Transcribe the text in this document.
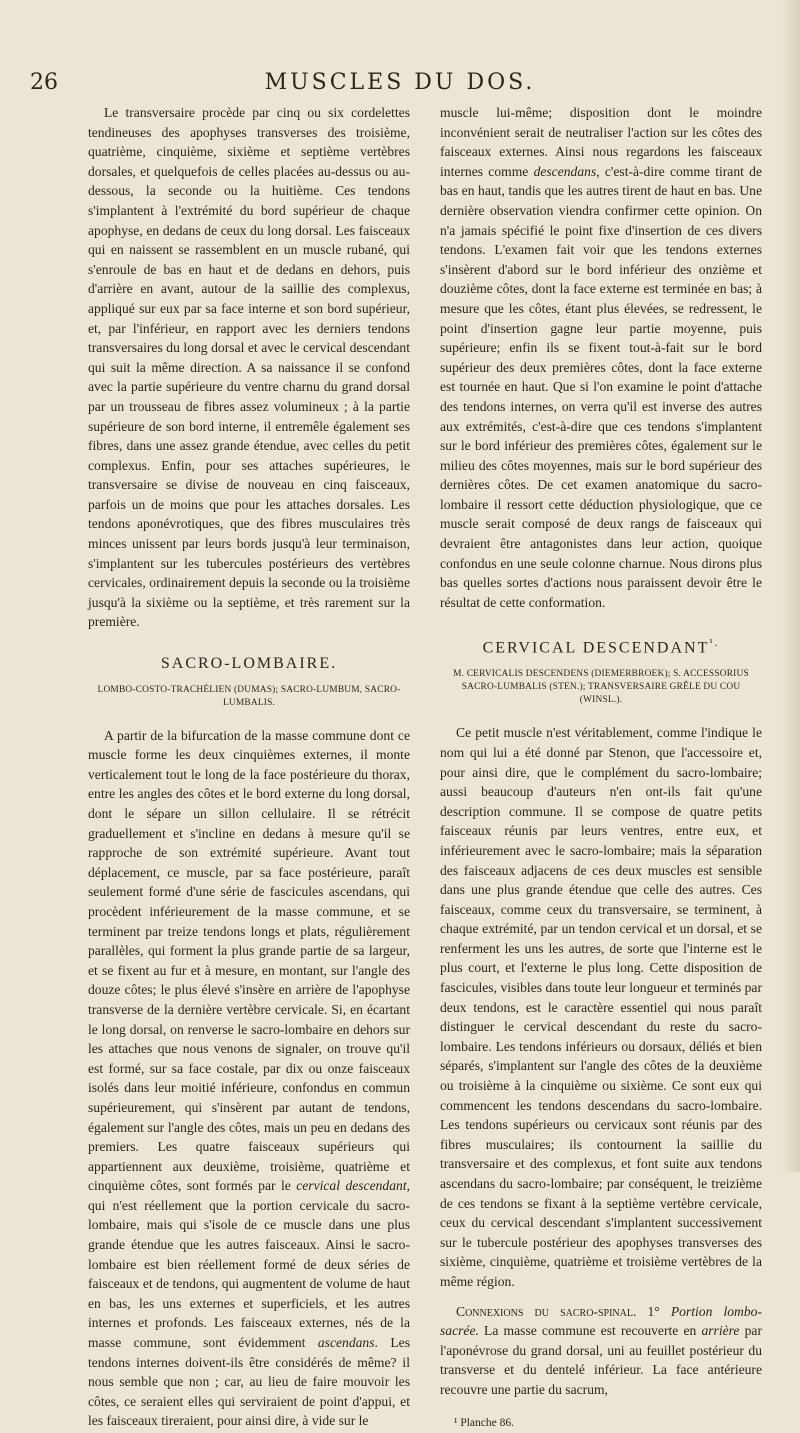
26	MUSCLES DU DOS.

Le transversaire procède par cinq ou six cordelettes tendineuses des apophyses transverses des troisième, quatrième, cinquième, sixième et septième vertèbres dorsales, et quelquefois de celles placées au-dessus ou au-dessous, la seconde ou la huitième. Ces tendons s'implantent à l'extrémité du bord supérieur de chaque apophyse, en dedans de ceux du long dorsal. Les faisceaux qui en naissent se rassemblent en un muscle rubané, qui s'enroule de bas en haut et de dedans en dehors, puis d'arrière en avant, autour de la saillie des complexus, appliqué sur eux par sa face interne et son bord supérieur, et, par l'inférieur, en rapport avec les derniers tendons transversaires du long dorsal et avec le cervical descendant qui suit la même direction. A sa naissance il se confond avec la partie supérieure du ventre charnu du grand dorsal par un trousseau de fibres assez volumineux ; à la partie supérieure de son bord interne, il entremêle également ses fibres, dans une assez grande étendue, avec celles du petit complexus. Enfin, pour ses attaches supérieures, le transversaire se divise de nouveau en cinq faisceaux, parfois un de moins que pour les attaches dorsales. Les tendons aponévrotiques, que des fibres musculaires très minces unissent par leurs bords jusqu'à leur terminaison, s'implantent sur les tubercules postérieurs des vertèbres cervicales, ordinairement depuis la seconde ou la troisième jusqu'à la sixième ou la septième, et très rarement sur la première.

SACRO-LOMBAIRE.

LOMBO-COSTO-TRACHÉLIEN (DUMAS); SACRO-LUMBUM, SACRO-LUMBALIS.

A partir de la bifurcation de la masse commune dont ce muscle forme les deux cinquièmes externes, il monte verticalement tout le long de la face postérieure du thorax, entre les angles des côtes et le bord externe du long dorsal, dont le sépare un sillon cellulaire. Il se rétrécit graduellement et s'incline en dedans à mesure qu'il se rapproche de son extrémité supérieure. Avant tout déplacement, ce muscle, par sa face postérieure, paraît seulement formé d'une série de fascicules ascendans, qui procèdent inférieurement de la masse commune, et se terminent par treize tendons longs et plats, régulièrement parallèles, qui forment la plus grande partie de sa largeur, et se fixent au fur et à mesure, en montant, sur l'angle des douze côtes; le plus élevé s'insère en arrière de l'apophyse transverse de la dernière vertèbre cervicale. Si, en écartant le long dorsal, on renverse le sacro-lombaire en dehors sur les attaches que nous venons de signaler, on trouve qu'il est formé, sur sa face costale, par dix ou onze faisceaux isolés dans leur moitié inférieure, confondus en commun supérieurement, qui s'insèrent par autant de tendons, également sur l'angle des côtes, mais un peu en dedans des premiers. Les quatre faisceaux supérieurs qui appartiennent aux deuxième, troisième, quatrième et cinquième côtes, sont formés par le cervical descendant, qui n'est réellement que la portion cervicale du sacro-lombaire, mais qui s'isole de ce muscle dans une plus grande étendue que les autres faisceaux. Ainsi le sacro-lombaire est bien réellement formé de deux séries de faisceaux et de tendons, qui augmentent de volume de haut en bas, les uns externes et superficiels, et les autres internes et profonds. Les faisceaux externes, nés de la masse commune, sont évidemment ascendans. Les tendons internes doivent-ils être considérés de même? il nous semble que non ; car, au lieu de faire mouvoir les côtes, ce seraient elles qui serviraient de point d'appui, et les faisceaux tireraient, pour ainsi dire, à vide sur le

muscle lui-même; disposition dont le moindre inconvénient serait de neutraliser l'action sur les côtes des faisceaux externes. Ainsi nous regardons les faisceaux internes comme descendans, c'est-à-dire comme tirant de bas en haut, tandis que les autres tirent de haut en bas. Une dernière observation viendra confirmer cette opinion. On n'a jamais spécifié le point fixe d'insertion de ces divers tendons. L'examen fait voir que les tendons externes s'insèrent d'abord sur le bord inférieur des onzième et douzième côtes, dont la face externe est terminée en bas; à mesure que les côtes, étant plus élevées, se redressent, le point d'insertion gagne leur partie moyenne, puis supérieure; enfin ils se fixent tout-à-fait sur le bord supérieur des deux premières côtes, dont la face externe est tournée en haut. Que si l'on examine le point d'attache des tendons internes, on verra qu'il est inverse des autres aux extrémités, c'est-à-dire que ces tendons s'implantent sur le bord inférieur des premières côtes, également sur le milieu des côtes moyennes, mais sur le bord supérieur des dernières côtes. De cet examen anatomique du sacro-lombaire il ressort cette déduction physiologique, que ce muscle serait composé de deux rangs de faisceaux qui devraient être antagonistes dans leur action, quoique confondus en une seule colonne charnue. Nous dirons plus bas quelles sortes d'actions nous paraissent devoir être le résultat de cette conformation.

CERVICAL $DESCENDANT^{^1.}$

M. CERVICALIS DESCENDENS (DIEMERBROEK); S. ACCESSORIUS SACRO-LUMBALIS (STEN.); TRANSVERSAIRE GRÊLE DU COU (WINSL.).

Ce petit muscle n'est véritablement, comme l'indique le nom qui lui a été donné par Stenon, que l'accessoire et, pour ainsi dire, que le complément du sacro-lombaire; aussi beaucoup d'auteurs n'en ont-ils fait qu'une description commune. Il se compose de quatre petits faisceaux réunis par leurs ventres, entre eux, et inférieurement avec le sacro-lombaire; mais la séparation des faisceaux adjacens de ces deux muscles est sensible dans une plus grande étendue que celle des autres. Ces faisceaux, comme ceux du transversaire, se terminent, à chaque extrémité, par un tendon cervical et un dorsal, et se renferment les uns les autres, de sorte que l'interne est le plus court, et l'externe le plus long. Cette disposition de fascicules, visibles dans toute leur longueur et terminés par deux tendons, est le caractère essentiel qui nous paraît distinguer le cervical descendant du reste du sacro-lombaire. Les tendons inférieurs ou dorsaux, déliés et bien séparés, s'implantent sur l'angle des côtes de la deuxième ou troisième à la cinquième ou sixième. Ce sont eux qui commencent les tendons descendans du sacro-lombaire. Les tendons supérieurs ou cervicaux sont réunis par des fibres musculaires; ils contournent la saillie du transversaire et des complexus, et font suite aux tendons ascendans du sacro-lombaire; par conséquent, le treizième de ces tendons se fixant à la septième vertèbre cervicale, ceux du cervical descendant s'implantent successivement sur le tubercule postérieur des apophyses transverses des sixième, cinquième, quatrième et troisième vertèbres de la même région.

Connexions du sacro-spinal. 1° Portion lombo-sacrée. La masse commune est recouverte en arrière par l'aponévrose du grand dorsal, uni au feuillet postérieur du transverse et du dentelé inférieur. La face antérieure recouvre une partie du sacrum,

¹ Planche 86.
